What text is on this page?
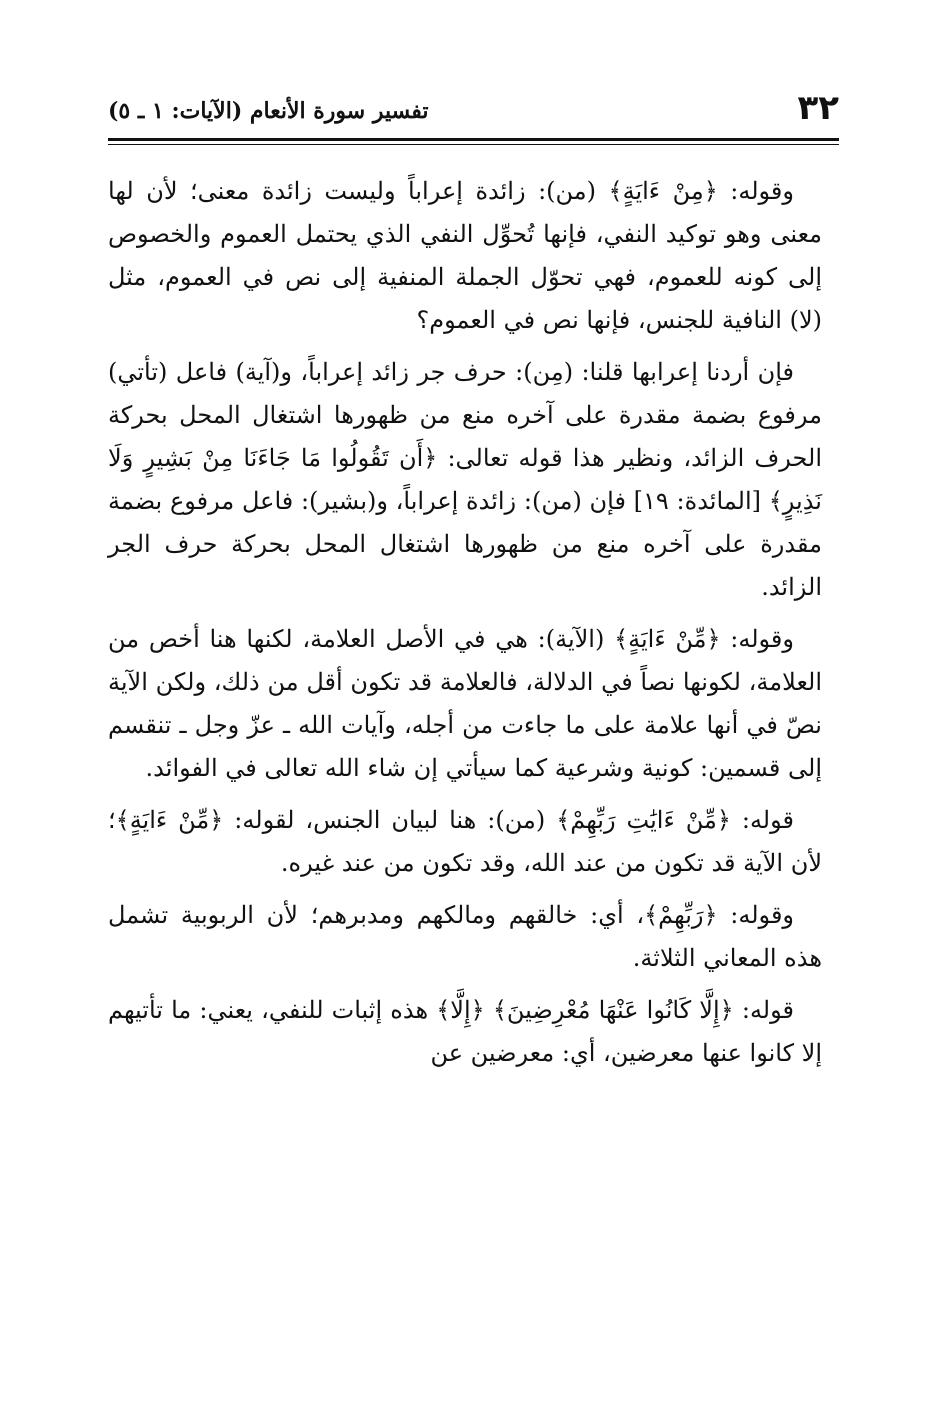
٣٢
تفسير سورة الأنعام (الآيات: ١ ـ ٥)

وقوله: ﴿مِنْ ءَايَةٍ﴾ (من): زائدة إعراباً وليست زائدة معنى؛ لأن لها معنى وهو توكيد النفي، فإنها تُحوِّل النفي الذي يحتمل العموم والخصوص إلى كونه للعموم، فهي تحوّل الجملة المنفية إلى نص في العموم، مثل (لا) النافية للجنس، فإنها نص في العموم؟

فإن أردنا إعرابها قلنا: (مِن): حرف جر زائد إعراباً، و(آية) فاعل (تأتي) مرفوع بضمة مقدرة على آخره منع من ظهورها اشتغال المحل بحركة الحرف الزائد، ونظير هذا قوله تعالى: ﴿أَن تَقُولُوا مَا جَاءَنَا مِنْ بَشِيرٍ وَلَا نَذِيرٍ﴾ [المائدة: ١٩] فإن (من): زائدة إعراباً، و(بشير): فاعل مرفوع بضمة مقدرة على آخره منع من ظهورها اشتغال المحل بحركة حرف الجر الزائد.

وقوله: ﴿مِّنْ ءَايَةٍ﴾ (الآية): هي في الأصل العلامة، لكنها هنا أخص من العلامة، لكونها نصاً في الدلالة، فالعلامة قد تكون أقل من ذلك، ولكن الآية نصّ في أنها علامة على ما جاءت من أجله، وآيات الله ـ عزّ وجل ـ تنقسم إلى قسمين: كونية وشرعية كما سيأتي إن شاء الله تعالى في الفوائد.

قوله: ﴿مِّنْ ءَايَٰتِ رَبِّهِمْ﴾ (من): هنا لبيان الجنس، لقوله: ﴿مِّنْ ءَايَةٍ﴾؛ لأن الآية قد تكون من عند الله، وقد تكون من عند غيره.

وقوله: ﴿رَبِّهِمْ﴾، أي: خالقهم ومالكهم ومدبرهم؛ لأن الربوبية تشمل هذه المعاني الثلاثة.

قوله: ﴿إِلَّا كَانُوا عَنْهَا مُعْرِضِينَ﴾ ﴿إِلَّا﴾ هذه إثبات للنفي، يعني: ما تأتيهم إلا كانوا عنها معرضين، أي: معرضين عن
